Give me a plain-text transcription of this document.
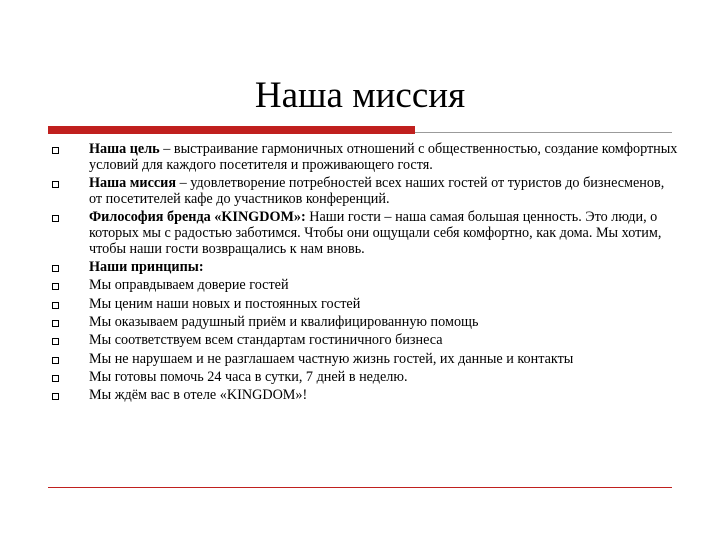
Наша миссия
Наша цель – выстраивание гармоничных отношений с общественностью, создание комфортных условий для каждого посетителя и проживающего гостя.
Наша миссия – удовлетворение потребностей всех наших гостей от туристов до бизнесменов, от посетителей кафе до участников конференций.
Философия бренда «KINGDOM»: Наши гости – наша самая большая ценность. Это люди, о которых мы с радостью заботимся. Чтобы они ощущали себя комфортно, как дома. Мы хотим, чтобы наши гости возвращались к нам вновь.
Наши принципы:
Мы оправдываем доверие гостей
Мы ценим наши новых и постоянных гостей
Мы оказываем радушный приём и квалифицированную помощь
Мы соответствуем всем стандартам гостиничного бизнеса
Мы не нарушаем и не разглашаем частную жизнь гостей, их данные и контакты
Мы готовы помочь 24 часа в сутки, 7 дней в неделю.
Мы ждём вас в отеле «KINGDOM»!
